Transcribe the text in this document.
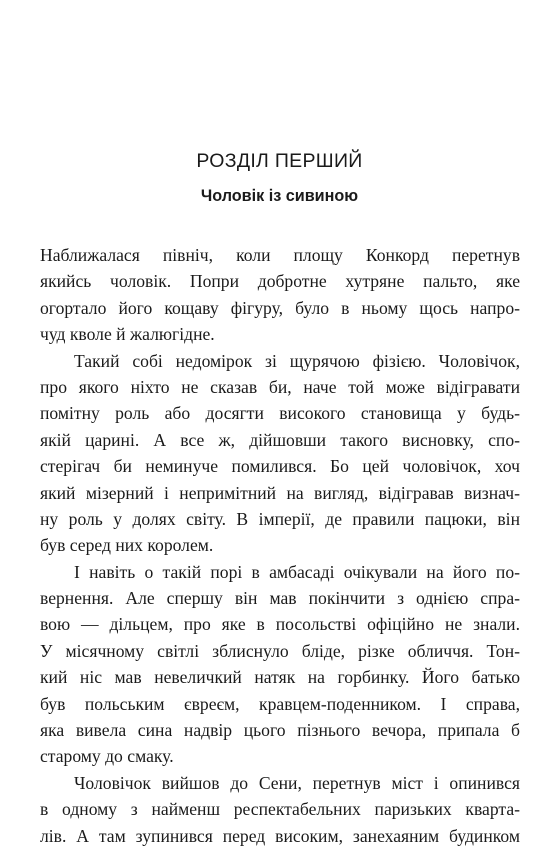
РОЗДІЛ ПЕРШИЙ
Чоловік із сивиною
Наближалася північ, коли площу Конкорд перетнув
якийсь чоловік. Попри добротне хутряне пальто, яке
огортало його кощаву фігуру, було в ньому щось напро-
чуд кволе й жалюгідне.
Такий собі недомірок зі щурячою фізією. Чоловічок,
про якого ніхто не сказав би, наче той може відігравати
помітну роль або досягти високого становища у будь-
якій царині. А все ж, дійшовши такого висновку, спо-
стерігач би неминуче помилився. Бо цей чоловічок, хоч
який мізерний і непримітний на вигляд, відігравав визнач-
ну роль у долях світу. В імперії, де правили пацюки, він
був серед них королем.
І навіть о такій порі в амбасаді очікували на його по-
вернення. Але спершу він мав покінчити з однією спра-
вою — дільцем, про яке в посольстві офіційно не знали.
У місячному світлі зблиснуло бліде, різке обличчя. Тон-
кий ніс мав невеличкий натяк на горбинку. Його батько
був польським євреєм, кравцем-поденником. І справа,
яка вивела сина надвір цього пізнього вечора, припала б
старому до смаку.
Чоловічок вийшов до Сени, перетнув міст і опинився
в одному з найменш респектабельних паризьких кварта-
лів. А там зупинився перед високим, занехаяним будинком
